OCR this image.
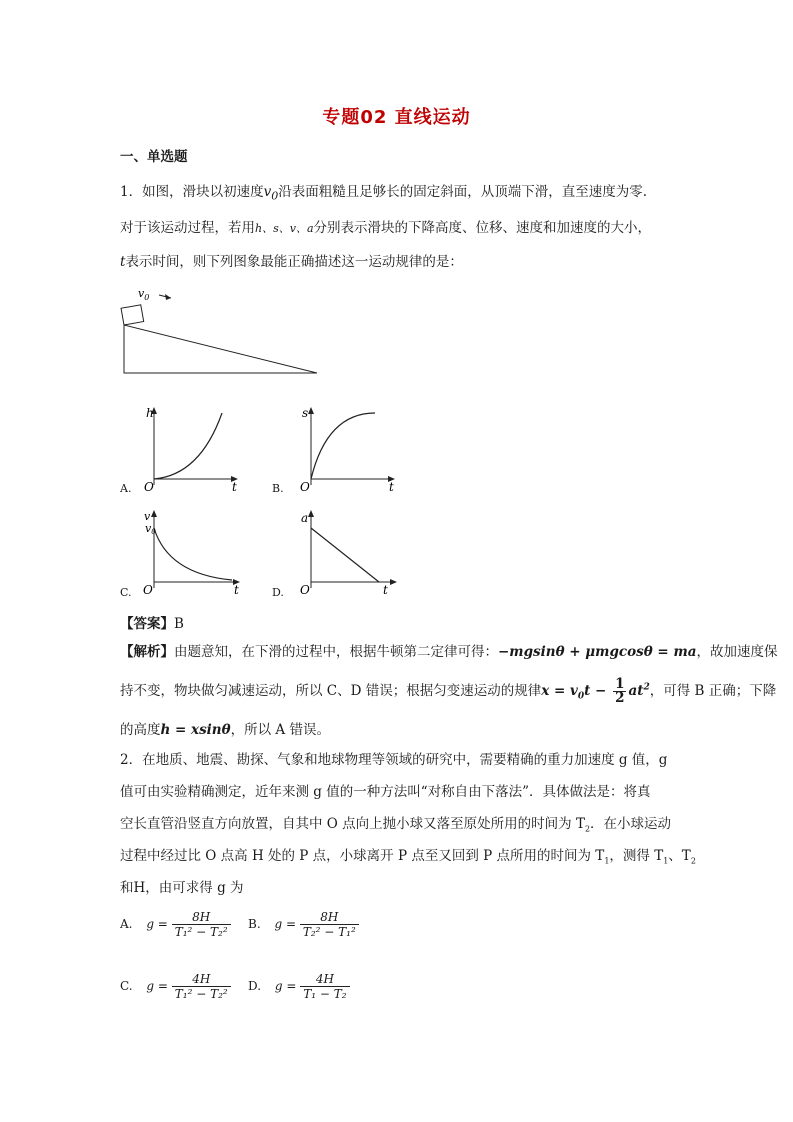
专题02 直线运动
一、单选题
1．如图，滑块以初速度$v_0$沿表面粗糙且足够长的固定斜面，从顶端下滑，直至速度为零.
对于该运动过程，若用h、s、v、a分别表示滑块的下降高度、位移、速度和加速度的大小，
t表示时间，则下列图象最能正确描述这一运动规律的是：
$v_0$
h
O	t
A.
s
O	t
B.
v
v0
O	t
C.
a
O	t
D.
【答案】B
【解析】由题意知，在下滑的过程中，根据牛顿第二定律可得：−mgsinθ + μmgcosθ = ma，故加速度保
持不变，物块做匀减速运动，所以 C、D 错误；根据匀变速运动的规律$x = v_0t - \frac{1}{2} at^2$，可得 B 正确；下降
的高度h = xsinθ，所以 A 错误。
2．在地质、地震、勘探、气象和地球物理等领域的研究中，需要精确的重力加速度 g 值，g
值可由实验精确测定，近年来测 g 值的一种方法叫“对称自由下落法”．具体做法是：将真
空长直管沿竖直方向放置，自其中 O 点向上抛小球又落至原处所用的时间为 $T_2$．在小球运动
过程中经过比 O 点高 H 处的 P 点，小球离开 P 点至又回到 P 点所用的时间为 $T_1$，测得 $T_1$、$T_2$
和H，由可求得 g 为
A. $g = \frac{8H}{\text{T₁² − T₂²}} B$. $g = \frac{8H}{\text{T₂² − T₁²}}$
C. $g = \frac{4H}{\text{T₁² − T₂²}} D$. $g = \frac{4H}{\text{T₁ − T₂}}$
